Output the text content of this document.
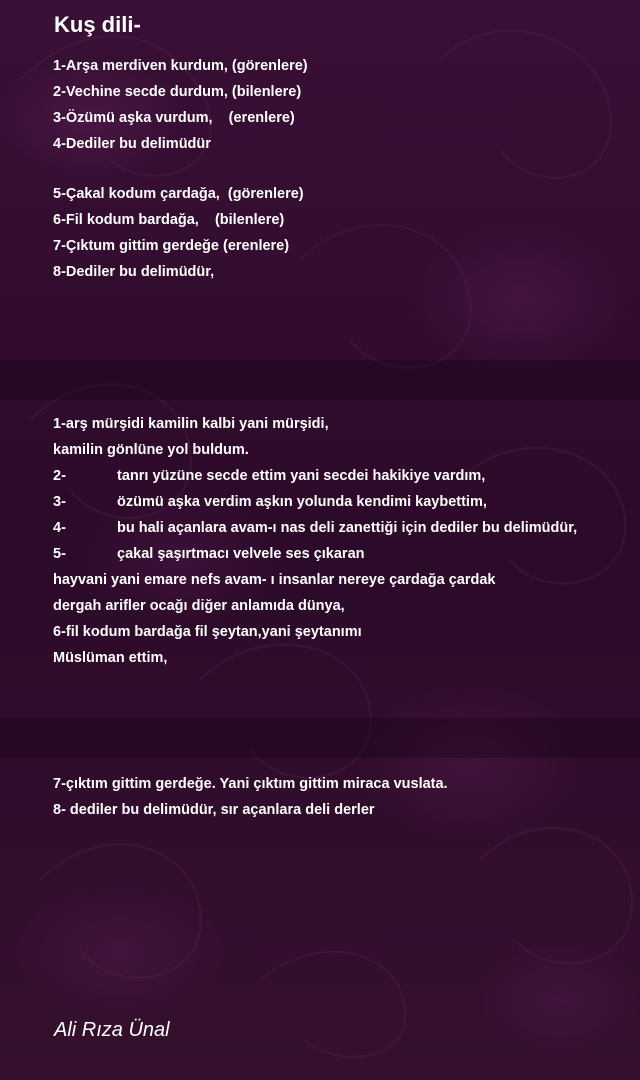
Kuş dili-
1-Arşa merdiven kurdum, (görenlere)
2-Vechine secde durdum, (bilenlere)
3-Özümü aşka vurdum,    (erenlere)
4-Dediler bu delimüdür
5-Çakal kodum çardağa,  (görenlere)
6-Fil kodum bardağa,    (bilenlere)
7-Çıktum gittim gerdeğe (erenlere)
8-Dediler bu delimüdür,
1-arş mürşidi kamilin kalbi yani mürşidi,
kamilin gönlüne yol buldum.
2-	tanrı yüzüne secde ettim yani secdei hakikiye vardım,
3-	özümü aşka verdim aşkın yolunda kendimi kaybettim,
4-	bu hali açanlara avam-ı nas deli zanettiği için dediler bu delimüdür,
5-	çakal şaşırtmacı velvele ses çıkaran
hayvani yani emare nefs avam- ı insanlar nereye çardağa çardak
dergah arifler ocağı diğer anlamıda dünya,
6-fil kodum bardağa fil şeytan,yani şeytanımı
Müslüman ettim,
7-çıktım gittim gerdeğe. Yani çıktım gittim miraca vuslata.
8- dediler bu delimüdür, sır açanlara deli derler
Ali Rıza Ünal
